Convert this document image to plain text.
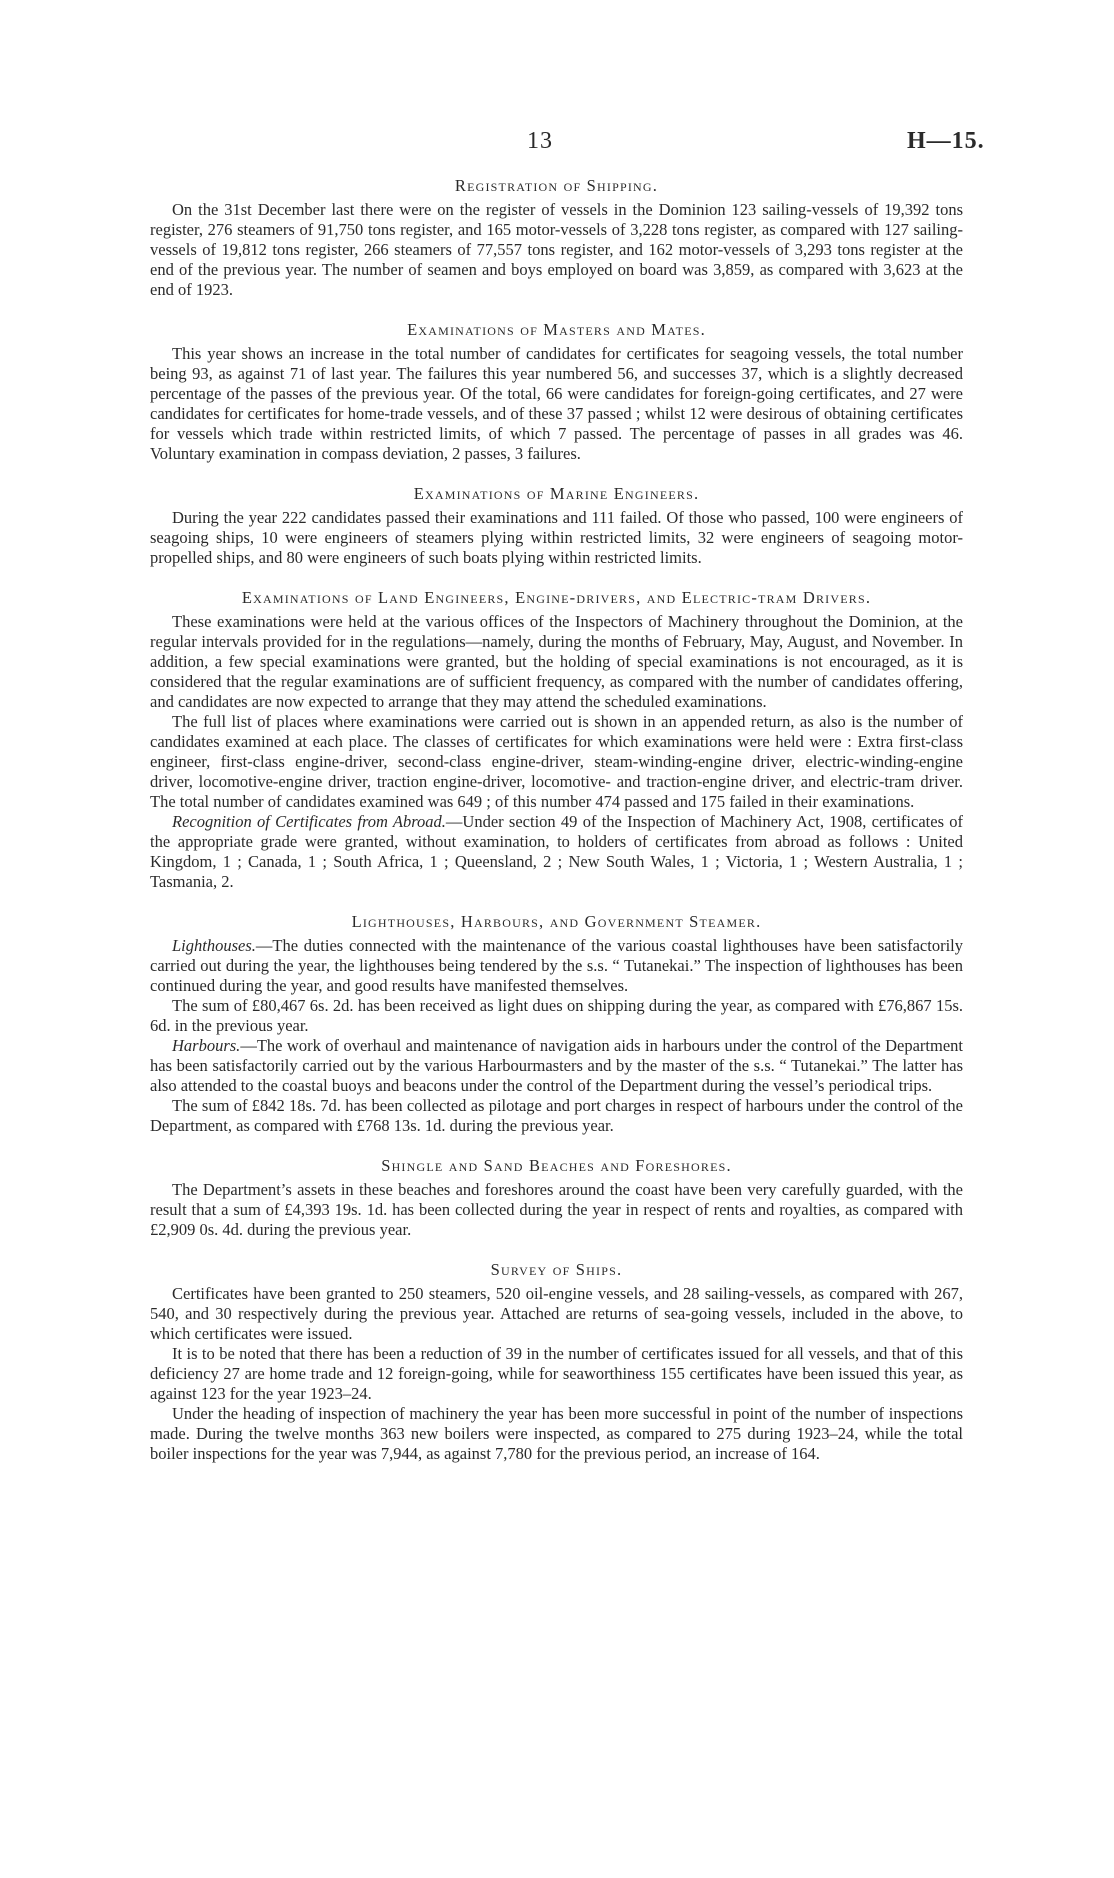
13	H—15.
Registration of Shipping.

On the 31st December last there were on the register of vessels in the Dominion 123 sailing-vessels of 19,392 tons register, 276 steamers of 91,750 tons register, and 165 motor-vessels of 3,228 tons register, as compared with 127 sailing-vessels of 19,812 tons register, 266 steamers of 77,557 tons register, and 162 motor-vessels of 3,293 tons register at the end of the previous year. The number of seamen and boys employed on board was 3,859, as compared with 3,623 at the end of 1923.

Examinations of Masters and Mates.

This year shows an increase in the total number of candidates for certificates for seagoing vessels, the total number being 93, as against 71 of last year. The failures this year numbered 56, and successes 37, which is a slightly decreased percentage of the passes of the previous year. Of the total, 66 were candidates for foreign-going certificates, and 27 were candidates for certificates for home-trade vessels, and of these 37 passed ; whilst 12 were desirous of obtaining certificates for vessels which trade within restricted limits, of which 7 passed. The percentage of passes in all grades was 46. Voluntary examination in compass deviation, 2 passes, 3 failures.

Examinations of Marine Engineers.

During the year 222 candidates passed their examinations and 111 failed. Of those who passed, 100 were engineers of seagoing ships, 10 were engineers of steamers plying within restricted limits, 32 were engineers of seagoing motor-propelled ships, and 80 were engineers of such boats plying within restricted limits.

Examinations of Land Engineers, Engine-drivers, and Electric-tram Drivers.

These examinations were held at the various offices of the Inspectors of Machinery throughout the Dominion, at the regular intervals provided for in the regulations—namely, during the months of February, May, August, and November. In addition, a few special examinations were granted, but the holding of special examinations is not encouraged, as it is considered that the regular examinations are of sufficient frequency, as compared with the number of candidates offering, and candidates are now expected to arrange that they may attend the scheduled examinations.

The full list of places where examinations were carried out is shown in an appended return, as also is the number of candidates examined at each place. The classes of certificates for which examinations were held were : Extra first-class engineer, first-class engine-driver, second-class engine-driver, steam-winding-engine driver, electric-winding-engine driver, locomotive-engine driver, traction engine-driver, locomotive- and traction-engine driver, and electric-tram driver. The total number of candidates examined was 649 ; of this number 474 passed and 175 failed in their examinations.

Recognition of Certificates from Abroad.—Under section 49 of the Inspection of Machinery Act, 1908, certificates of the appropriate grade were granted, without examination, to holders of certificates from abroad as follows : United Kingdom, 1 ; Canada, 1 ; South Africa, 1 ; Queensland, 2 ; New South Wales, 1 ; Victoria, 1 ; Western Australia, 1 ; Tasmania, 2.

Lighthouses, Harbours, and Government Steamer.

Lighthouses.—The duties connected with the maintenance of the various coastal lighthouses have been satisfactorily carried out during the year, the lighthouses being tendered by the s.s. “ Tutanekai.” The inspection of lighthouses has been continued during the year, and good results have manifested themselves.

The sum of £80,467 6s. 2d. has been received as light dues on shipping during the year, as compared with £76,867 15s. 6d. in the previous year.

Harbours.—The work of overhaul and maintenance of navigation aids in harbours under the control of the Department has been satisfactorily carried out by the various Harbourmasters and by the master of the s.s. “ Tutanekai.” The latter has also attended to the coastal buoys and beacons under the control of the Department during the vessel’s periodical trips.

The sum of £842 18s. 7d. has been collected as pilotage and port charges in respect of harbours under the control of the Department, as compared with £768 13s. 1d. during the previous year.

Shingle and Sand Beaches and Foreshores.

The Department’s assets in these beaches and foreshores around the coast have been very carefully guarded, with the result that a sum of £4,393 19s. 1d. has been collected during the year in respect of rents and royalties, as compared with £2,909 0s. 4d. during the previous year.

Survey of Ships.

Certificates have been granted to 250 steamers, 520 oil-engine vessels, and 28 sailing-vessels, as compared with 267, 540, and 30 respectively during the previous year. Attached are returns of sea-going vessels, included in the above, to which certificates were issued.

It is to be noted that there has been a reduction of 39 in the number of certificates issued for all vessels, and that of this deficiency 27 are home trade and 12 foreign-going, while for seaworthiness 155 certificates have been issued this year, as against 123 for the year 1923–24.

Under the heading of inspection of machinery the year has been more successful in point of the number of inspections made. During the twelve months 363 new boilers were inspected, as compared to 275 during 1923–24, while the total boiler inspections for the year was 7,944, as against 7,780 for the previous period, an increase of 164.
